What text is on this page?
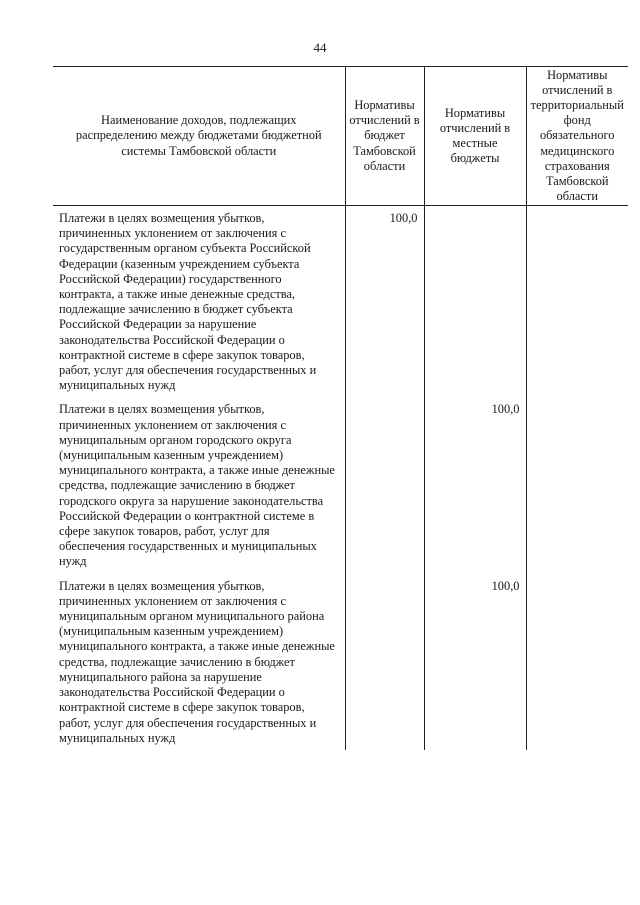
44
Наименование доходов, подлежащих распределению между бюджетами бюджетной системы Тамбовской области	Нормативы отчислений в бюджет Тамбовской области	Нормативы отчислений в местные бюджеты	Нормативы отчислений в территориальный фонд обязательного медицинского страхования Тамбовской области
Платежи в целях возмещения убытков, причиненных уклонением от заключения с государственным органом субъекта Российской Федерации (казенным учреждением субъекта Российской Федерации) государственного контракта, а также иные денежные средства, подлежащие зачислению в бюджет субъекта Российской Федерации за нарушение законодательства Российской Федерации о контрактной системе в сфере закупок товаров, работ, услуг для обеспечения государственных и муниципальных нужд	100,0		
Платежи в целях возмещения убытков, причиненных уклонением от заключения с муниципальным органом городского округа (муниципальным казенным учреждением) муниципального контракта, а также иные денежные средства, подлежащие зачислению в бюджет городского округа за нарушение законодательства Российской Федерации о контрактной системе в сфере закупок товаров, работ, услуг для обеспечения государственных и муниципальных нужд		100,0	
Платежи в целях возмещения убытков, причиненных уклонением от заключения с муниципальным органом муниципального района (муниципальным казенным учреждением) муниципального контракта, а также иные денежные средства, подлежащие зачислению в бюджет муниципального района за нарушение законодательства Российской Федерации о контрактной системе в сфере закупок товаров, работ, услуг для обеспечения государственных и муниципальных нужд		100,0	
